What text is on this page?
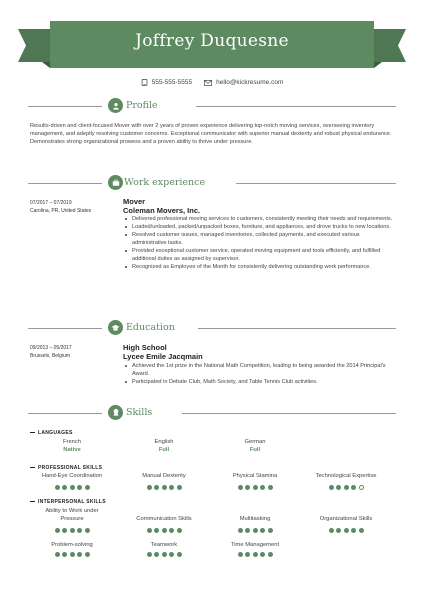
Joffrey Duquesne
555-555-5555	hello@kickresume.com
Profile
Results-driven and client-focused Mover with over 2 years of proven experience delivering top-notch moving services, overseeing inventory management, and adeptly resolving customer concerns. Exceptional communicator with superior manual dexterity and robust physical endurance. Demonstrates strong organizational prowess and a proven ability to thrive under pressure.
Work experience
07/2017 – 07/2019
Carolina, PR, United States
Mover
Coleman Movers, Inc.
Delivered professional moving services to customers, consistently meeting their needs and requirements.
Loaded/unloaded, packed/unpacked boxes, furniture, and appliances, and drove trucks to new locations.
Resolved customer issues, managed inventories, collected payments, and executed various administrative tasks.
Provided exceptional customer service, operated moving equipment and tools efficiently, and fulfilled additional duties as assigned by supervisor.
Recognized as Employee of the Month for consistently delivering outstanding work performance.
Education
09/2013 – 05/2017
Brussels, Belgium
High School
Lycee Emile Jacqmain
Achieved the 1st prize in the National Math Competition, leading to being awarded the 2014 Principal's Award.
Participated in Debate Club, Math Society, and Table Tennis Club activities.
Skills
LANGUAGES
French
Native
English
Full
German
Full
PROFESSIONAL SKILLS
Hand-Eye Coordination	Manual Dexterity	Physical Stamina	Technological Expertise
INTERPERSONAL SKILLS
Ability to Work under Pressure	Communication Skills	Multitasking	Organizational Skills
Problem-solving	Teamwork	Time Management
